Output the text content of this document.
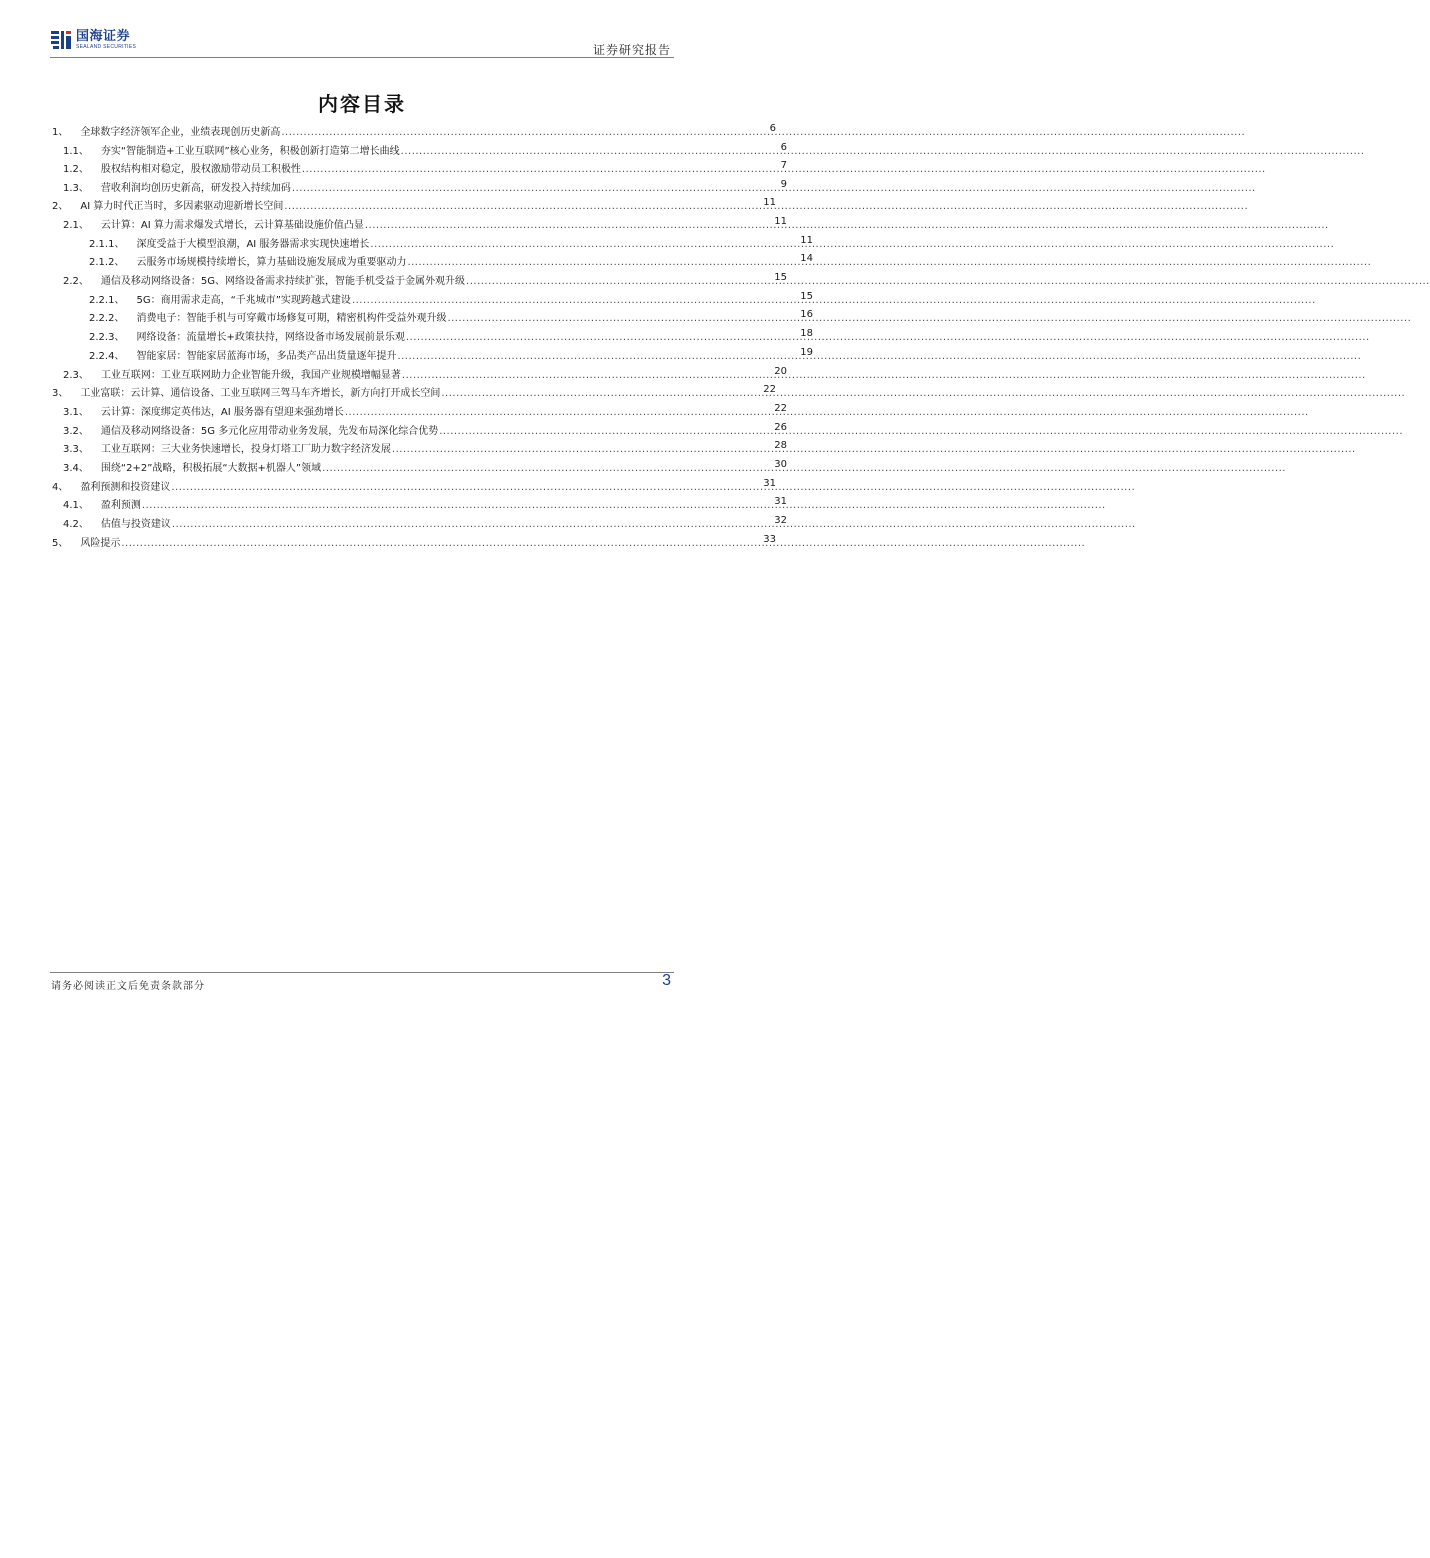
国海证券
SEALAND SECURITIES	证券研究报告
内容目录
1、 全球数字经济领军企业，业绩表现创历史新高 .....	6
1.1、 夯实“智能制造+工业互联网”核心业务，积极创新打造第二增长曲线 .....	6
1.2、 股权结构相对稳定，股权激励带动员工积极性 .....	7
1.3、 营收利润均创历史新高，研发投入持续加码 .....	9
2、 AI 算力时代正当时，多因素驱动迎新增长空间 .....	11
2.1、 云计算：AI 算力需求爆发式增长，云计算基础设施价值凸显 .....	11
2.1.1、 深度受益于大模型浪潮，AI 服务器需求实现快速增长 .....	11
2.1.2、 云服务市场规模持续增长，算力基础设施发展成为重要驱动力 .....	14
2.2、 通信及移动网络设备：5G、网络设备需求持续扩张，智能手机受益于金属外观升级 .....	15
2.2.1、 5G：商用需求走高，“千兆城市”实现跨越式建设 .....	15
2.2.2、 消费电子：智能手机与可穿戴市场修复可期，精密机构件受益外观升级 .....	16
2.2.3、 网络设备：流量增长+政策扶持，网络设备市场发展前景乐观 .....	18
2.2.4、 智能家居：智能家居蓝海市场，多品类产品出货量逐年提升 .....	19
2.3、 工业互联网：工业互联网助力企业智能升级，我国产业规模增幅显著 .....	20
3、 工业富联：云计算、通信设备、工业互联网三驾马车齐增长，新方向打开成长空间 .....	22
3.1、 云计算：深度绑定英伟达，AI 服务器有望迎来强劲增长 .....	22
3.2、 通信及移动网络设备：5G 多元化应用带动业务发展，先发布局深化综合优势 .....	26
3.3、 工业互联网：三大业务快速增长，投身灯塔工厂助力数字经济发展 .....	28
3.4、 围绕“2+2”战略，积极拓展“大数据+机器人”领域 .....	30
4、 盈利预测和投资建议 .....	31
4.1、 盈利预测 .....	31
4.2、 估值与投资建议 .....	32
5、 风险提示 .....	33
请务必阅读正文后免责条款部分	3
